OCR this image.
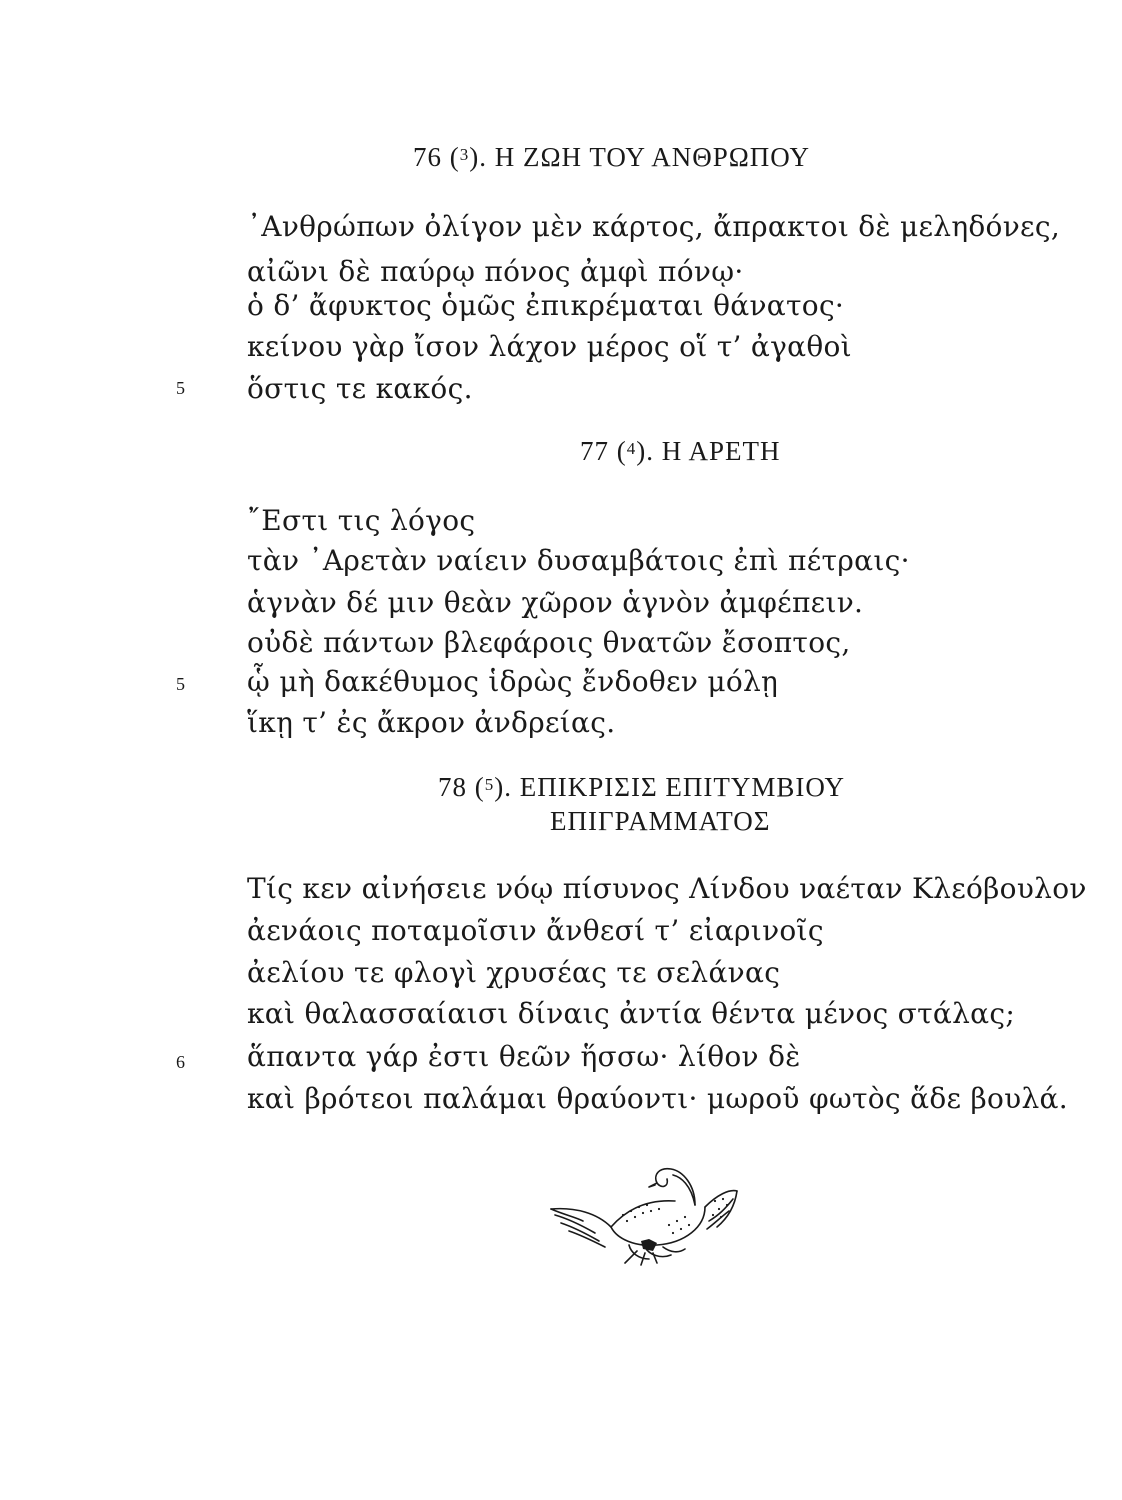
76 ($^3$). Η ΖΩΗ ΤΟΥ ΑΝΘΡΩΠΟΥ
᾿Ανθρώπων ὀλίγον μὲν κάρτος, ἄπρακτοι δὲ μεληδόνες,
αἰῶνι δὲ παύρῳ πόνος ἀμφὶ πόνῳ·
ὁ δ’ ἄφυκτος ὁμῶς ἐπικρέμαται θάνατος·
κείνου γὰρ ἴσον λάχον μέρος οἵ τ’ ἀγαθοὶ
5 ὅστις τε κακός.
77 ($^4$). Η ΑΡΕΤΗ
῎Εστι τις λόγος
τὰν ᾿Αρετὰν ναίειν δυσαμβάτοις ἐπὶ πέτραις·
ἁγνὰν δέ μιν θεὰν χῶρον ἁγνὸν ἀμφέπειν.
οὐδὲ πάντων βλεφάροις θνατῶν ἔσοπτος,
5 ᾧ μὴ δακέθυμος ἱδρὼς ἔνδοθεν μόλῃ
ἵκῃ τ’ ἐς ἄκρον ἀνδρείας.
78 ($^5$). ΕΠΙΚΡΙΣΙΣ ΕΠΙΤΥΜΒΙΟΥ
ΕΠΙΓΡΑΜΜΑΤΟΣ
Τίς κεν αἰνήσειε νόῳ πίσυνος Λίνδου ναέταν Κλεόβουλον
ἀενάοις ποταμοῖσιν ἄνθεσί τ’ εἰαρινοῖς
ἀελίου τε φλογὶ χρυσέας τε σελάνας
καὶ θαλασσαίαισι δίναις ἀντία θέντα μένος στάλας;
6 ἅπαντα γάρ ἐστι θεῶν ἥσσω· λίθον δὲ
καὶ βρότεοι παλάμαι θραύοντι· μωροῦ φωτὸς ἅδε βουλά.
